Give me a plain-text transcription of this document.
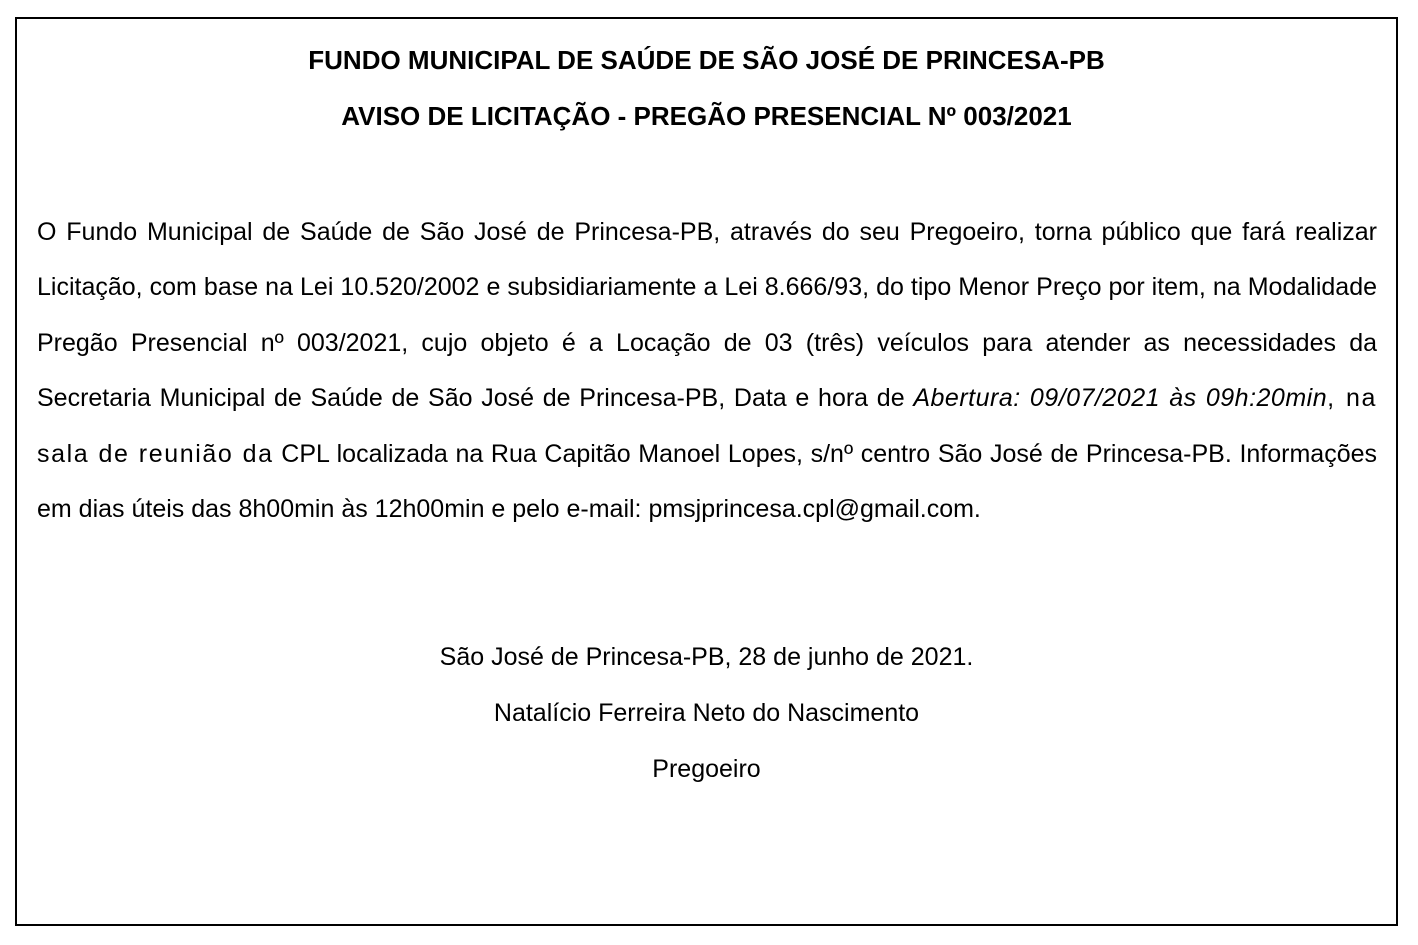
FUNDO MUNICIPAL DE SAÚDE DE SÃO JOSÉ DE PRINCESA-PB

AVISO DE LICITAÇÃO - PREGÃO PRESENCIAL Nº 003/2021

O Fundo Municipal de Saúde de São José de Princesa-PB, através do seu Pregoeiro, torna público que fará realizar Licitação, com base na Lei 10.520/2002 e subsidiariamente a Lei 8.666/93, do tipo Menor Preço por item, na Modalidade Pregão Presencial nº 003/2021, cujo objeto é a Locação de 03 (três) veículos para atender as necessidades da Secretaria Municipal de Saúde de São José de Princesa-PB, Data e hora de Abertura: 09/07/2021 às 09h:20min, na sala de reunião da CPL localizada na Rua Capitão Manoel Lopes, s/nº centro São José de Princesa-PB. Informações em dias úteis das 8h00min às 12h00min e pelo e-mail: pmsjprincesa.cpl@gmail.com.

São José de Princesa-PB, 28 de junho de 2021.

Natalício Ferreira Neto do Nascimento

Pregoeiro
